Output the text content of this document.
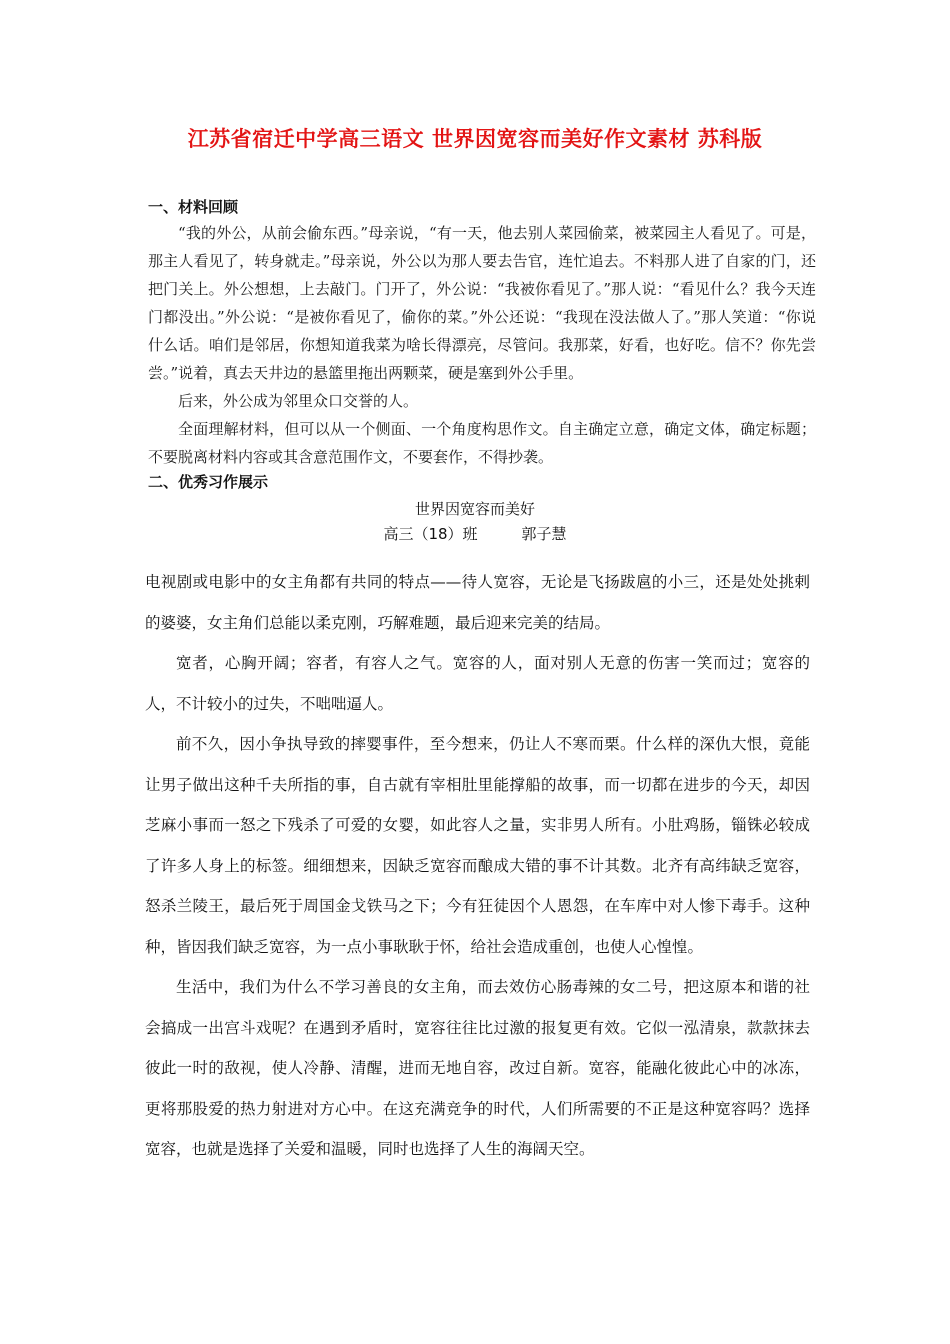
江苏省宿迁中学高三语文 世界因宽容而美好作文素材 苏科版
一、材料回顾

“我的外公，从前会偷东西。”母亲说，“有一天，他去别人菜园偷菜，被菜园主人看见了。可是，那主人看见了，转身就走。”母亲说，外公以为那人要去告官，连忙追去。不料那人进了自家的门，还把门关上。外公想想，上去敲门。门开了，外公说：“我被你看见了。”那人说：“看见什么？我今天连门都没出。”外公说：“是被你看见了，偷你的菜。”外公还说：“我现在没法做人了。”那人笑道：“你说什么话。咱们是邻居，你想知道我菜为啥长得漂亮，尽管问。我那菜，好看，也好吃。信不？你先尝尝。”说着，真去天井边的悬篮里拖出两颗菜，硬是塞到外公手里。

后来，外公成为邻里众口交誉的人。

全面理解材料，但可以从一个侧面、一个角度构思作文。自主确定立意，确定文体，确定标题；不要脱离材料内容或其含意范围作文，不要套作，不得抄袭。

二、优秀习作展示
世界因宽容而美好
高三（18）班	郭子慧

电视剧或电影中的女主角都有共同的特点——待人宽容，无论是飞扬跋扈的小三，还是处处挑剌的婆婆，女主角们总能以柔克刚，巧解难题，最后迎来完美的结局。

宽者，心胸开阔；容者，有容人之气。宽容的人，面对别人无意的伤害一笑而过；宽容的人，不计较小的过失，不咄咄逼人。

前不久，因小争执导致的摔婴事件，至今想来，仍让人不寒而栗。什么样的深仇大恨，竟能让男子做出这种千夫所指的事，自古就有宰相肚里能撑船的故事，而一切都在进步的今天，却因芝麻小事而一怒之下残杀了可爱的女婴，如此容人之量，实非男人所有。小肚鸡肠，锱铢必较成了许多人身上的标签。细细想来，因缺乏宽容而酿成大错的事不计其数。北齐有高纬缺乏宽容，怒杀兰陵王，最后死于周国金戈铁马之下；今有狂徒因个人恩怨，在车库中对人惨下毒手。这种种，皆因我们缺乏宽容，为一点小事耿耿于怀，给社会造成重创，也使人心惶惶。

生活中，我们为什么不学习善良的女主角，而去效仿心肠毒辣的女二号，把这原本和谐的社会搞成一出宫斗戏呢？在遇到矛盾时，宽容往往比过激的报复更有效。它似一泓清泉，款款抹去彼此一时的敌视，使人冷静、清醒，进而无地自容，改过自新。宽容，能融化彼此心中的冰冻，更将那股爱的热力射进对方心中。在这充满竞争的时代，人们所需要的不正是这种宽容吗？选择宽容，也就是选择了关爱和温暖，同时也选择了人生的海阔天空。
